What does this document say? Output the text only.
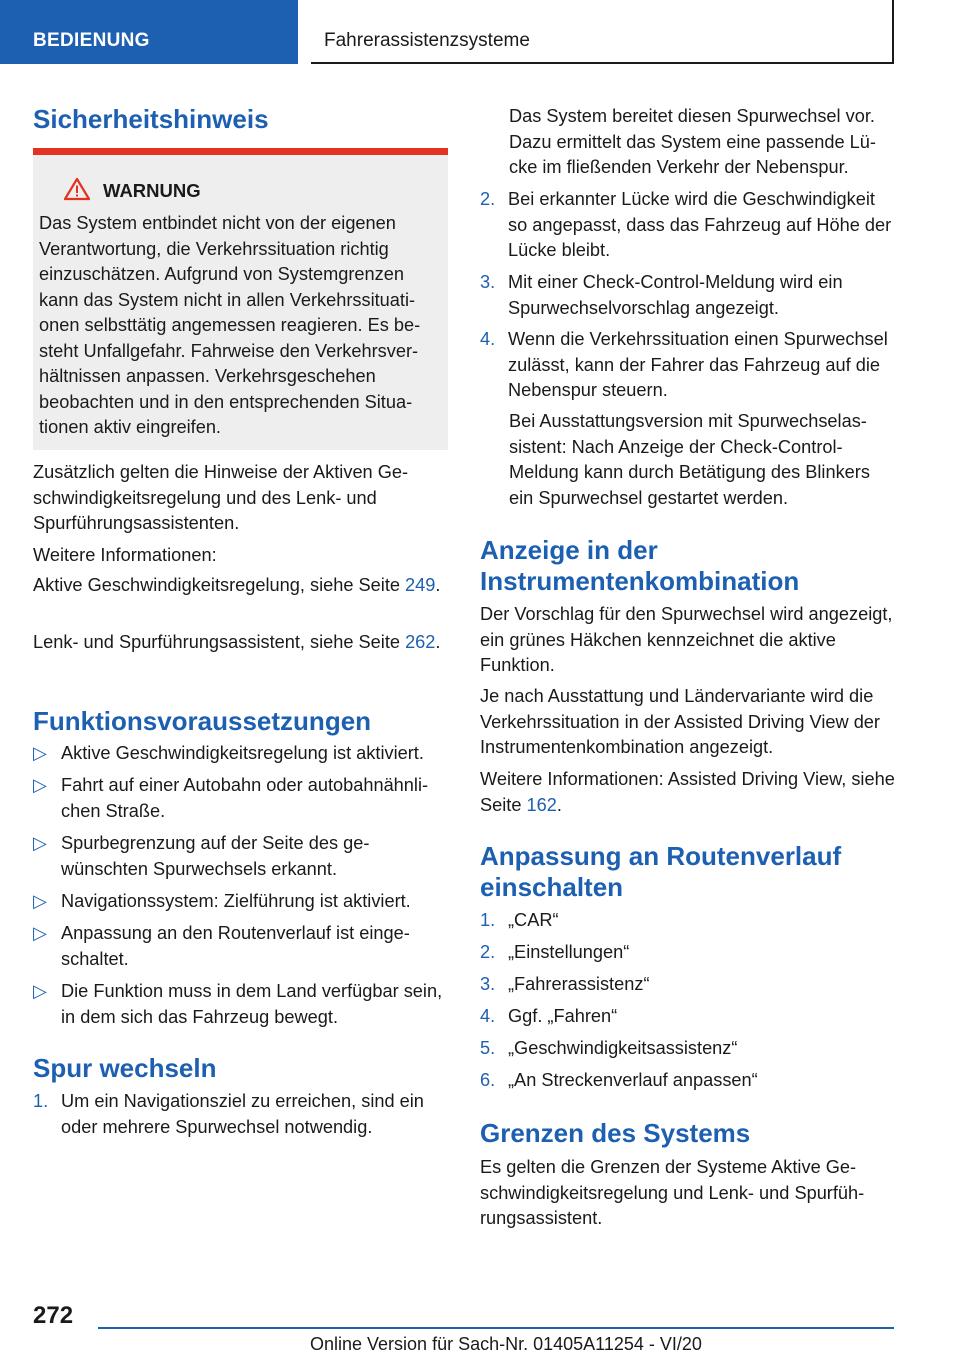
BEDIENUNG	Fahrerassistenzsysteme
Sicherheitshinweis
WARNUNG
Das System entbindet nicht von der eigenen Verantwortung, die Verkehrssituation richtig einzuschätzen. Aufgrund von Systemgrenzen kann das System nicht in allen Verkehrssituationen selbsttätig angemessen reagieren. Es besteht Unfallgefahr. Fahrweise den Verkehrsverhältnissen anpassen. Verkehrsgeschehen beobachten und in den entsprechenden Situationen aktiv eingreifen.

Zusätzlich gelten die Hinweise der Aktiven Geschwindigkeitsregelung und des Lenk- und Spurführungsassistenten.

Weitere Informationen:

Aktive Geschwindigkeitsregelung, siehe Seite 249.

Lenk- und Spurführungsassistent, siehe Seite 262.

Funktionsvoraussetzungen
▷ Aktive Geschwindigkeitsregelung ist aktiviert.
▷ Fahrt auf einer Autobahn oder autobahnähnlichen Straße.
▷ Spurbegrenzung auf der Seite des gewünschten Spurwechsels erkannt.
▷ Navigationssystem: Zielführung ist aktiviert.
▷ Anpassung an den Routenverlauf ist eingeschaltet.
▷ Die Funktion muss in dem Land verfügbar sein, in dem sich das Fahrzeug bewegt.
Spur wechseln
1. Um ein Navigationsziel zu erreichen, sind ein oder mehrere Spurwechsel notwendig.

Das System bereitet diesen Spurwechsel vor. Dazu ermittelt das System eine passende Lücke im fließenden Verkehr der Nebenspur.

2. Bei erkannter Lücke wird die Geschwindigkeit so angepasst, dass das Fahrzeug auf Höhe der Lücke bleibt.
3. Mit einer Check-Control-Meldung wird ein Spurwechselvorschlag angezeigt.
4. Wenn die Verkehrssituation einen Spurwechsel zulässt, kann der Fahrer das Fahrzeug auf die Nebenspur steuern.

Bei Ausstattungsversion mit Spurwechselassistent: Nach Anzeige der Check-Control-Meldung kann durch Betätigung des Blinkers ein Spurwechsel gestartet werden.

Anzeige in der
Instrumentenkombination

Der Vorschlag für den Spurwechsel wird angezeigt, ein grünes Häkchen kennzeichnet die aktive Funktion.

Je nach Ausstattung und Ländervariante wird die Verkehrssituation in der Assisted Driving View der Instrumentenkombination angezeigt.

Weitere Informationen: Assisted Driving View, siehe Seite 162.

Anpassung an Routenverlauf
einschalten
1. „CAR“
2. „Einstellungen“
3. „Fahrerassistenz“
4. Ggf. „Fahren“
5. „Geschwindigkeitsassistenz“
6. „An Streckenverlauf anpassen“
Grenzen des Systems

Es gelten die Grenzen der Systeme Aktive Geschwindigkeitsregelung und Lenk- und Spurführungsassistent.

272
Online Version für Sach-Nr. 01405A11254 - VI/20
